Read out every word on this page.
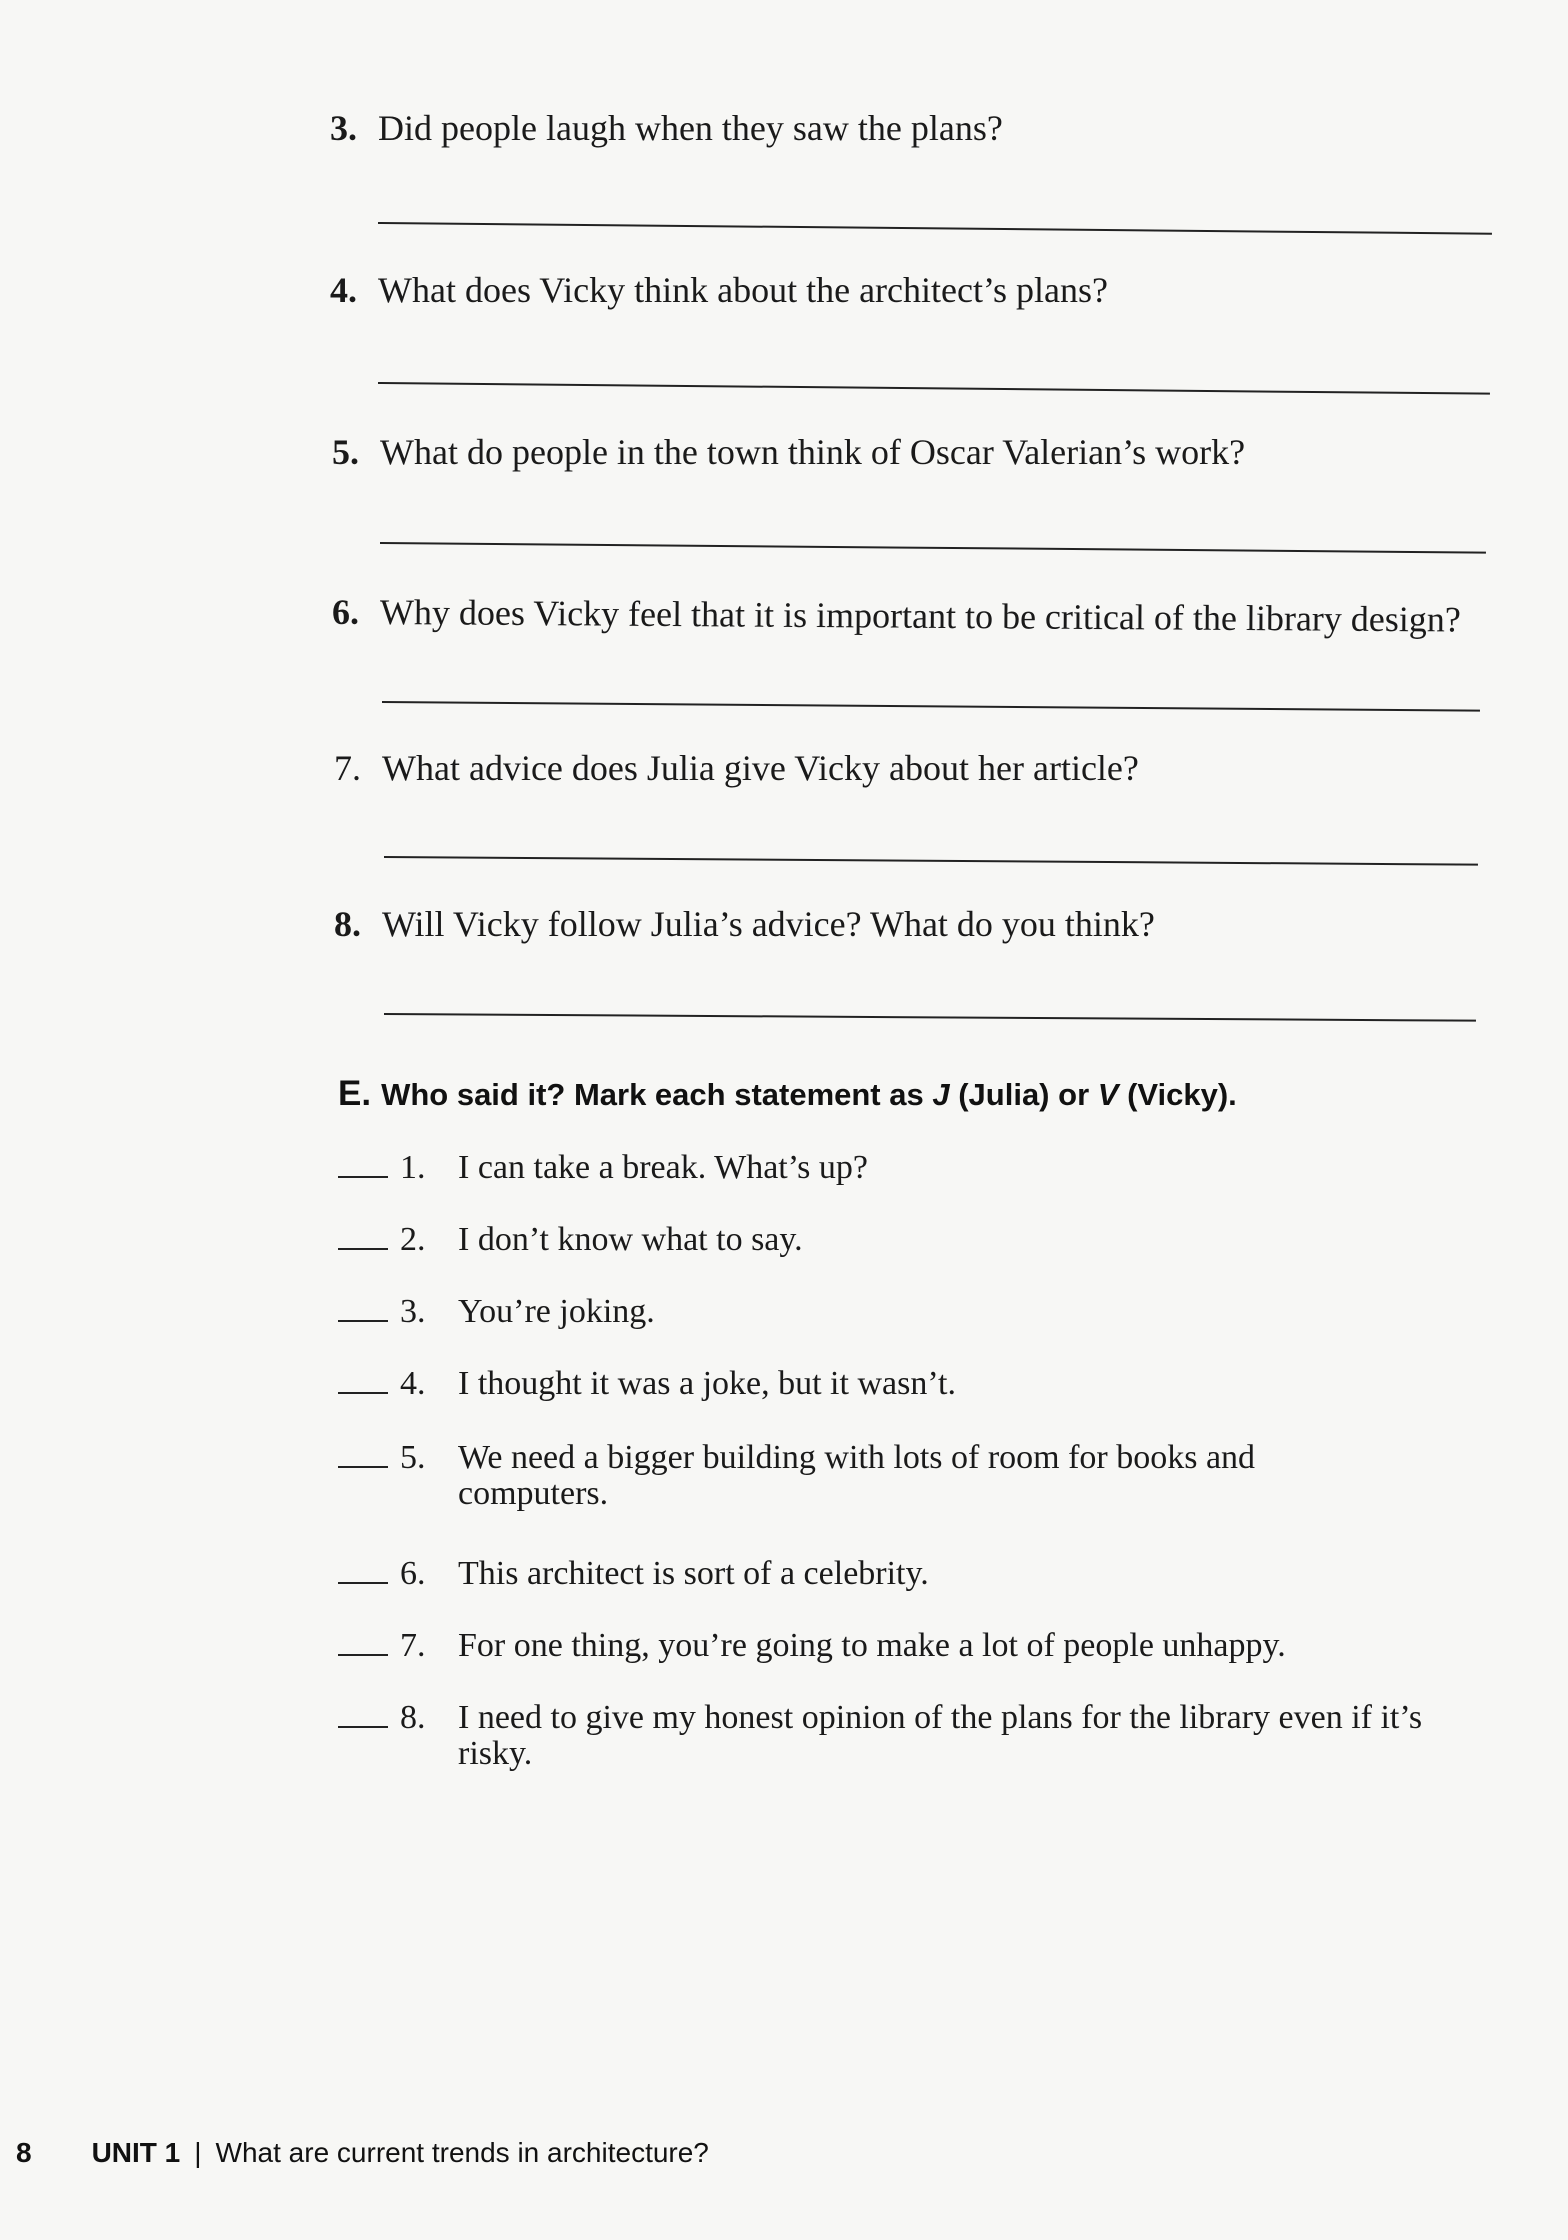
3. Did people laugh when they saw the plans?
4. What does Vicky think about the architect’s plans?
5. What do people in the town think of Oscar Valerian’s work?
6. Why does Vicky feel that it is important to be critical of the library design?
7. What advice does Julia give Vicky about her article?
8. Will Vicky follow Julia’s advice? What do you think?
E. Who said it? Mark each statement as J (Julia) or V (Vicky).
1. I can take a break. What’s up?
2. I don’t know what to say.
3. You’re joking.
4. I thought it was a joke, but it wasn’t.
5. We need a bigger building with lots of room for books and computers.
6. This architect is sort of a celebrity.
7. For one thing, you’re going to make a lot of people unhappy.
8. I need to give my honest opinion of the plans for the library even if it’s risky.
8 UNIT 1 | What are current trends in architecture?
